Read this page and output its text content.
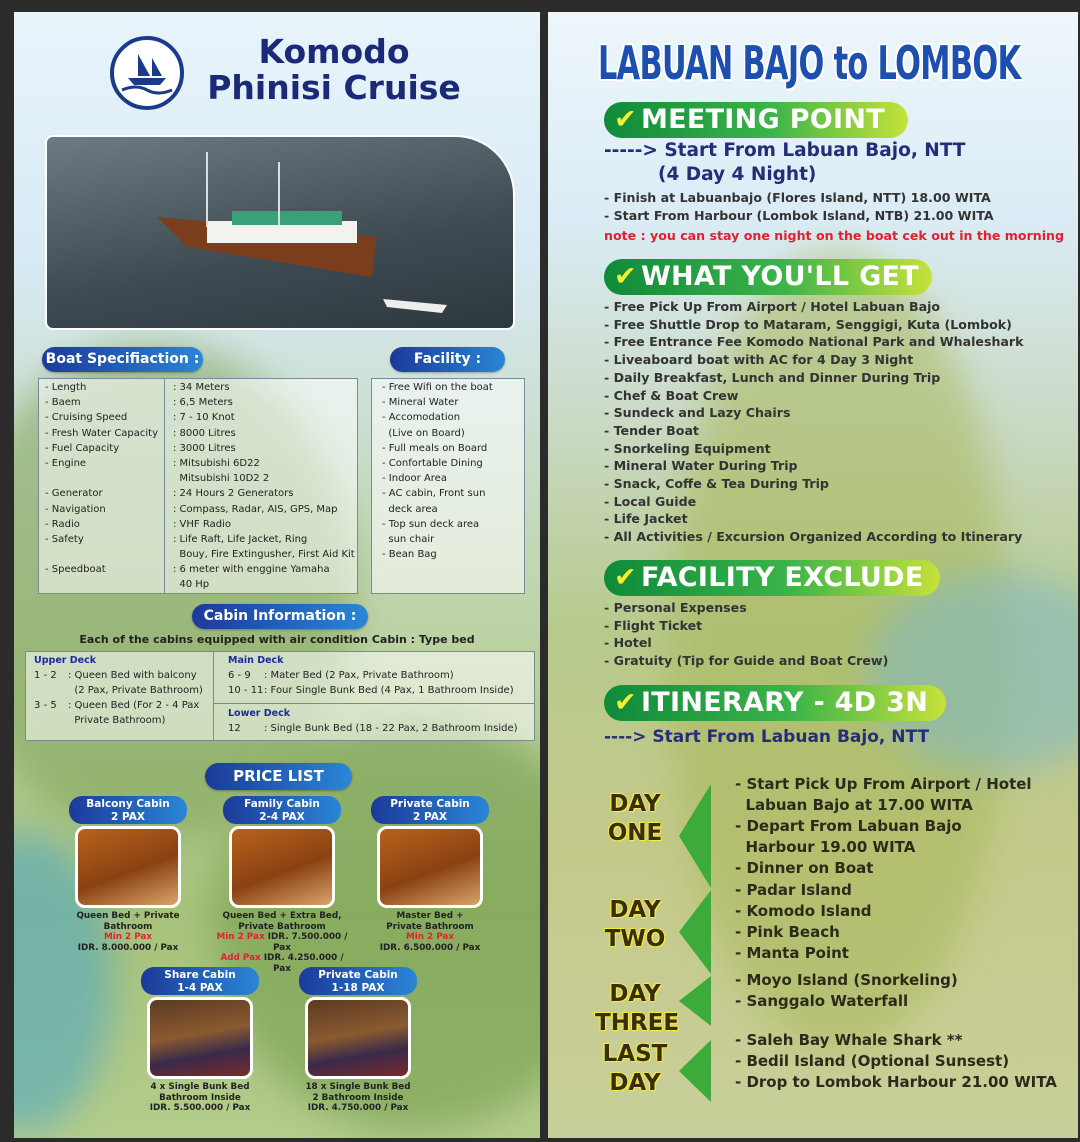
Komodo
Phinisi Cruise
Boat Specifiaction :	Facility :
- Length	: 34 Meters
- Baem	: 6,5 Meters
- Cruising Speed	: 7 - 10 Knot
- Fresh Water Capacity	: 8000 Litres
- Fuel Capacity	: 3000 Litres
- Engine	: Mitsubishi 6D22
Mitsubishi 10D2 2
- Generator	: 24 Hours 2 Generators
- Navigation	: Compass, Radar, AIS, GPS, Map
- Radio	: VHF Radio
- Safety	: Life Raft, Life Jacket, Ring
Bouy, Fire Extingusher, First Aid Kit
- Speedboat	: 6 meter with enggine Yamaha
40 Hp
- Free Wifi on the boat
- Mineral Water
- Accomodation
(Live on Board)
- Full meals on Board
- Confortable Dining
- Indoor Area
- AC cabin, Front sun
deck area
- Top sun deck area
sun chair
- Bean Bag
Cabin Information :
Each of the cabins equipped with air condition Cabin : Type bed
Upper Deck
1 - 2	: Queen Bed with balcony
(2 Pax, Private Bathroom)
3 - 5	: Queen Bed (For 2 - 4 Pax
Private Bathroom)
Main Deck
6 - 9	: Mater Bed (2 Pax, Private Bathroom)
10 - 11 : Four Single Bunk Bed (4 Pax, 1 Bathroom Inside)
Lower Deck
12	: Single Bunk Bed (18 - 22 Pax, 2 Bathroom Inside)
PRICE LIST
Balcony Cabin
2 PAX
Queen Bed + Private
Bathroom
Min 2 Pax
IDR. 8.000.000 / Pax
Family Cabin
2-4 PAX
Queen Bed + Extra Bed,
Private Bathroom
Min 2 Pax IDR. 7.500.000 / Pax
Add Pax IDR. 4.250.000 / Pax
Private Cabin
2 PAX
Master Bed +
Private Bathroom
Min 2 Pax
IDR. 6.500.000 / Pax
Share Cabin
1-4 PAX
4 x Single Bunk Bed
Bathroom Inside
IDR. 5.500.000 / Pax
Private Cabin
1-18 PAX
18 x Single Bunk Bed
2 Bathroom Inside
IDR. 4.750.000 / Pax
LABUAN BAJO to LOMBOK
✔ MEETING POINT
-----> Start From Labuan Bajo, NTT
(4 Day 4 Night)
- Finish at Labuanbajo (Flores Island, NTT) 18.00 WITA
- Start From Harbour (Lombok Island, NTB) 21.00 WITA
note : you can stay one night on the boat cek out in the morning
✔ WHAT YOU'LL GET
- Free Pick Up From Airport / Hotel Labuan Bajo
- Free Shuttle Drop to Mataram, Senggigi, Kuta (Lombok)
- Free Entrance Fee Komodo National Park and Whaleshark
- Liveaboard boat with AC for 4 Day 3 Night
- Daily Breakfast, Lunch and Dinner During Trip
- Chef & Boat Crew
- Sundeck and Lazy Chairs
- Tender Boat
- Snorkeling Equipment
- Mineral Water During Trip
- Snack, Coffe & Tea During Trip
- Local Guide
- Life Jacket
- All Activities / Excursion Organized According to Itinerary
✔ FACILITY EXCLUDE
- Personal Expenses
- Flight Ticket
- Hotel
- Gratuity (Tip for Guide and Boat Crew)
✔ ITINERARY - 4D 3N
----> Start From Labuan Bajo, NTT
DAY
ONE
- Start Pick Up From Airport / Hotel
Labuan Bajo at 17.00 WITA
- Depart From Labuan Bajo
Harbour 19.00 WITA
- Dinner on Boat
DAY
TWO
- Padar Island
- Komodo Island
- Pink Beach
- Manta Point
DAY
THREE
- Moyo Island (Snorkeling)
- Sanggalo Waterfall
LAST
DAY
- Saleh Bay Whale Shark **
- Bedil Island (Optional Sunsest)
- Drop to Lombok Harbour 21.00 WITA
